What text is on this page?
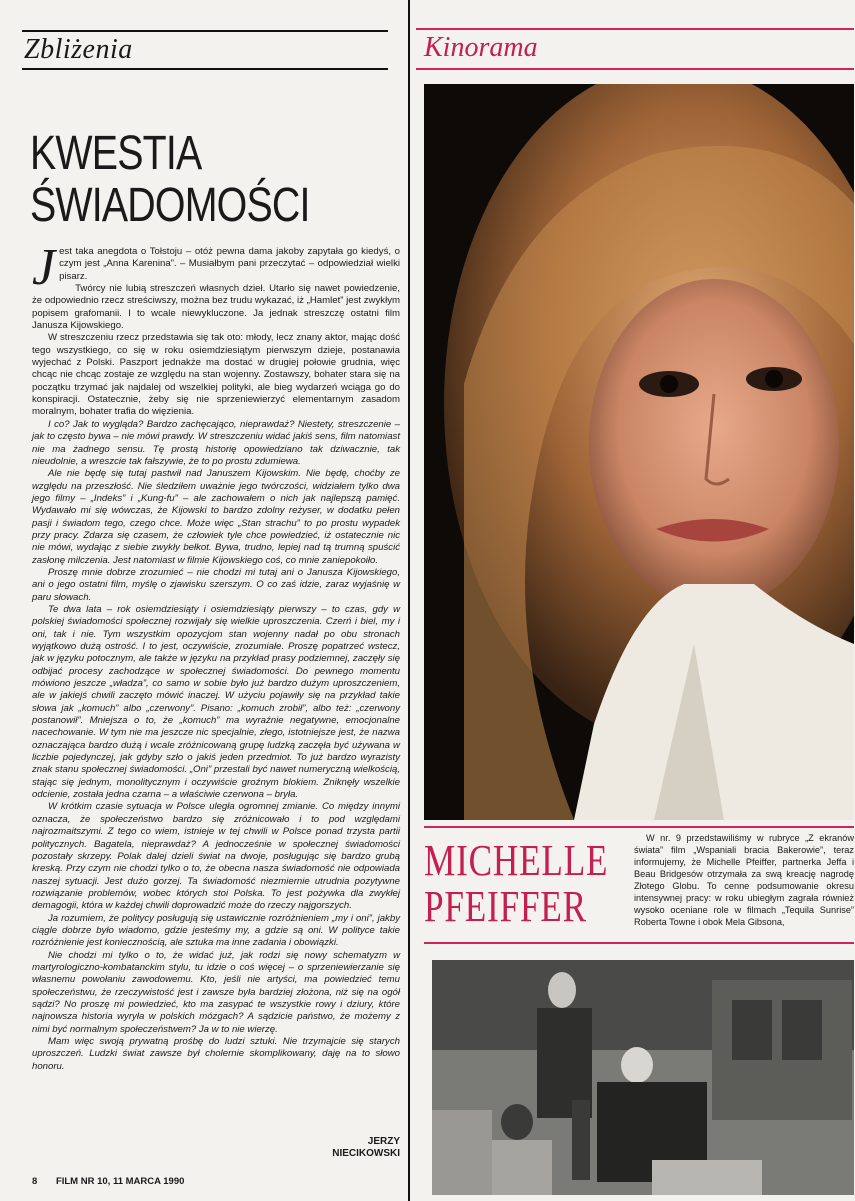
Zbliżenia
KWESTIA
ŚWIADOMOŚCI

Jest taka anegdota o Tołstoju – otóż pewna dama jakoby zapytała go kiedyś, o czym jest „Anna Karenina”. – Musiałbym pani przeczytać – odpowiedział wielki pisarz.

Twórcy nie lubią streszczeń własnych dzieł. Utarło się nawet powiedzenie, że odpowiednio rzecz streściwszy, można bez trudu wykazać, iż „Hamlet” jest zwykłym popisem grafomanii. I to wcale niewykluczone. Ja jednak streszczę ostatni film Janusza Kijowskiego.

W streszczeniu rzecz przedstawia się tak oto: młody, lecz znany aktor, mając dość tego wszystkiego, co się w roku osiemdziesiątym pierwszym dzieje, postanawia wyjechać z Polski. Paszport jednakże ma dostać w drugiej połowie grudnia, więc chcąc nie chcąc zostaje ze względu na stan wojenny. Zostawszy, bohater stara się na początku trzymać jak najdalej od wszelkiej polityki, ale bieg wydarzeń wciąga go do konspiracji. Ostatecznie, żeby się nie sprzeniewierzyć elementarnym zasadom moralnym, bohater trafia do więzienia.

I co? Jak to wygląda? Bardzo zachęcająco, nieprawdaż? Niestety, streszczenie – jak to często bywa – nie mówi prawdy. W streszczeniu widać jakiś sens, film natomiast nie ma żadnego sensu. Tę prostą historię opowiedziano tak dziwacznie, tak nieudolnie, a wreszcie tak fałszywie, że to po prostu zdumiewa.

Ale nie będę się tutaj pastwił nad Januszem Kijowskim. Nie będę, choćby ze względu na przeszłość. Nie śledziłem uważnie jego twórczości, widziałem tylko dwa jego filmy – „Indeks” i „Kung-fu” – ale zachowałem o nich jak najlepszą pamięć. Wydawało mi się wówczas, że Kijowski to bardzo zdolny reżyser, w dodatku pełen pasji i świadom tego, czego chce. Może więc „Stan strachu” to po prostu wypadek przy pracy. Zdarza się czasem, że człowiek tyle chce powiedzieć, iż ostatecznie nic nie mówi, wydając z siebie zwykły bełkot. Bywa, trudno, lepiej nad tą trumną spuścić zasłonę milczenia. Jest natomiast w filmie Kijowskiego coś, co mnie zaniepokoiło.

Proszę mnie dobrze zrozumieć – nie chodzi mi tutaj ani o Janusza Kijowskiego, ani o jego ostatni film, myślę o zjawisku szerszym. O co zaś idzie, zaraz wyjaśnię w paru słowach.

Te dwa lata – rok osiemdziesiąty i osiemdziesiąty pierwszy – to czas, gdy w polskiej świadomości społecznej rozwijały się wielkie uproszczenia. Czerń i biel, my i oni, tak i nie. Tym wszystkim opozycjom stan wojenny nadał po obu stronach wyjątkowo dużą ostrość. I to jest, oczywiście, zrozumiałe. Proszę popatrzeć wstecz, jak w języku potocznym, ale także w języku na przykład prasy podziemnej, zaczęły się odbijać procesy zachodzące w społecznej świadomości. Do pewnego momentu mówiono jeszcze „władza”, co samo w sobie było już bardzo dużym uproszczeniem, ale w jakiejś chwili zaczęto mówić inaczej. W użyciu pojawiły się na przykład takie słowa jak „komuch” albo „czerwony”. Pisano: „komuch zrobił”, albo też: „czerwony postanowił”. Mniejsza o to, że „komuch” ma wyraźnie negatywne, emocjonalne nacechowanie. W tym nie ma jeszcze nic specjalnie, złego, istotniejsze jest, że nazwa oznaczająca bardzo dużą i wcale zróżnicowaną grupę ludzką zaczęła być używana w liczbie pojedynczej, jak gdyby szło o jakiś jeden przedmiot. To już bardzo wyrazisty znak stanu społecznej świadomości. „Oni” przestali być nawet numeryczną wielkością, stając się jednym, monolitycznym i oczywiście groźnym blokiem. Zniknęły wszelkie odcienie, została jedna czarna – a właściwie czerwona – bryła.

W krótkim czasie sytuacja w Polsce uległa ogromnej zmianie. Co między innymi oznacza, że społeczeństwo bardzo się zróżnicowało i to pod względami najrozmaitszymi. Z tego co wiem, istnieje w tej chwili w Polsce ponad trzysta partii politycznych. Bagatela, nieprawdaż? A jednocześnie w społecznej świadomości pozostały skrzepy. Polak dalej dzieli świat na dwoje, posługując się bardzo grubą kreską. Przy czym nie chodzi tylko o to, że obecna nasza świadomość nie odpowiada naszej sytuacji. Jest dużo gorzej. Ta świadomość niezmiernie utrudnia pozytywne rozwiązanie problemów, wobec których stoi Polska. To jest pożywka dla zwykłej demagogii, która w każdej chwili doprowadzić może do rzeczy najgorszych.

Ja rozumiem, że politycy posługują się ustawicznie rozróżnieniem „my i oni”, jakby ciągle dobrze było wiadomo, gdzie jesteśmy my, a gdzie są oni. W polityce takie rozróżnienie jest koniecznością, ale sztuka ma inne zadania i obowiązki.

Nie chodzi mi tylko o to, że widać już, jak rodzi się nowy schematyzm w martyrologiczno-kombatanckim stylu, tu idzie o coś więcej – o sprzeniewierzanie się własnemu powołaniu zawodowemu. Kto, jeśli nie artyści, ma powiedzieć temu społeczeństwu, że rzeczywistość jest i zawsze była bardziej złożona, niż się na ogół sądzi? No proszę mi powiedzieć, kto ma zasypać te wszystkie rowy i dziury, które najnowsza historia wyryła w polskich mózgach? A sądzicie państwo, że możemy z nimi być normalnym społeczeństwem? Ja w to nie wierzę.

Mam więc swoją prywatną prośbę do ludzi sztuki. Nie trzymajcie się starych uproszczeń. Ludzki świat zawsze był cholernie skomplikowany, daję na to słowo honoru.

JERZY
NIECIKOWSKI
8 FILM NR 10, 11 MARCA 1990
Kinorama
MICHELLE
PFEIFFER

W nr. 9 przedstawiliśmy w rubryce „Z ekranów świata” film „Wspaniali bracia Bakerowie”, teraz informujemy, że Michelle Pfeiffer, partnerka Jeffa i Beau Bridgesów otrzymała za swą kreację nagrodę Złotego Globu. To cenne podsumowanie okresu intensywnej pracy: w roku ubiegłym zagrała również wysoko oceniane role w filmach „Tequila Sunrise” Roberta Towne i obok Mela Gibsona,
